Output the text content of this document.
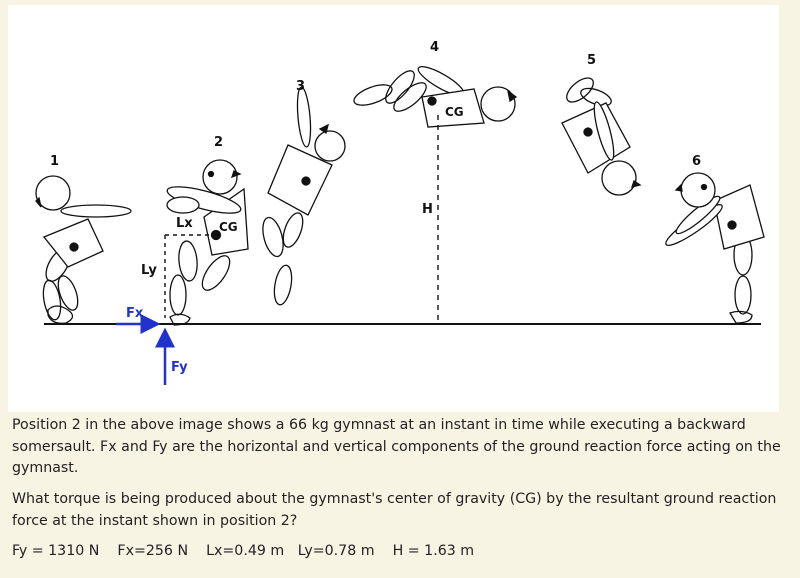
1
2
3
4
5
6
Lx
Ly
CG
CG
H
Fx
Fy

Position 2 in the above image shows a 66 kg gymnast at an instant in time while executing a backward somersault. Fx and Fy are the horizontal and vertical components of the ground reaction force acting on the gymnast.

What torque is being produced about the gymnast's center of gravity (CG) by the resultant ground reaction force at the instant shown in position 2?

Fy = 1310 N    Fx=256 N    Lx=0.49 m   Ly=0.78 m    H = 1.63 m
